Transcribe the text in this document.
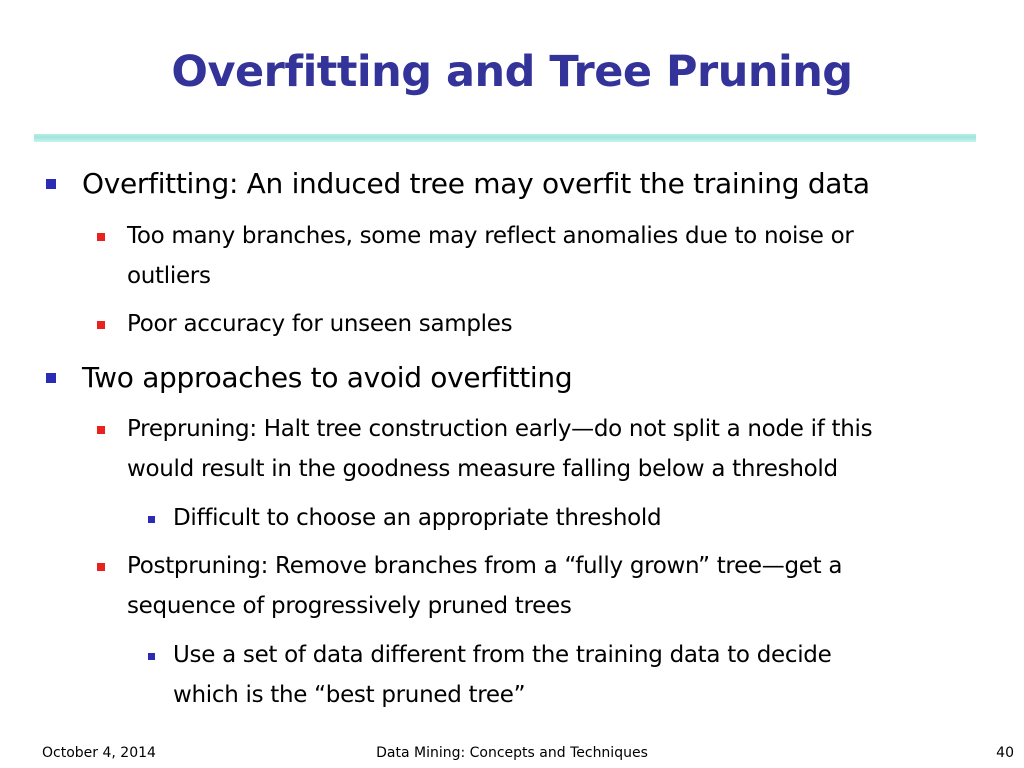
Overfitting and Tree Pruning
Overfitting: An induced tree may overfit the training data
Too many branches, some may reflect anomalies due to noise or
outliers
Poor accuracy for unseen samples
Two approaches to avoid overfitting
Prepruning: Halt tree construction early—do not split a node if this
would result in the goodness measure falling below a threshold
Difficult to choose an appropriate threshold
Postpruning: Remove branches from a “fully grown” tree—get a
sequence of progressively pruned trees
Use a set of data different from the training data to decide
which is the “best pruned tree”
October 4, 2014	Data Mining: Concepts and Techniques	40
